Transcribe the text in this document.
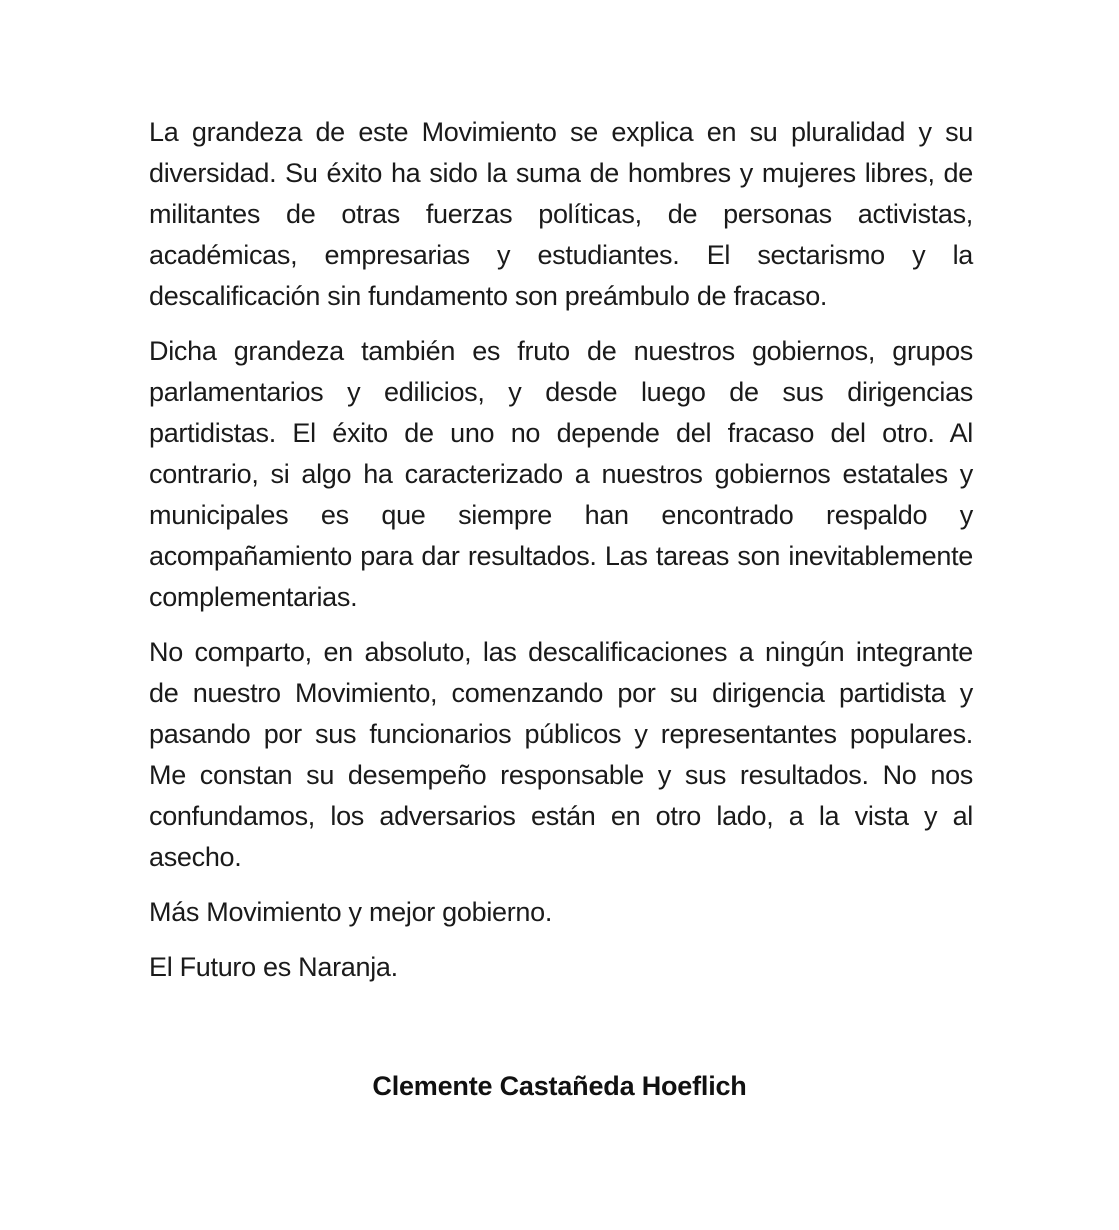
La grandeza de este Movimiento se explica en su pluralidad y su diversidad. Su éxito ha sido la suma de hombres y mujeres libres, de militantes de otras fuerzas políticas, de personas activistas, académicas, empresarias y estudiantes. El sectarismo y la descalificación sin fundamento son preámbulo de fracaso.

Dicha grandeza también es fruto de nuestros gobiernos, grupos parlamentarios y edilicios, y desde luego de sus dirigencias partidistas. El éxito de uno no depende del fracaso del otro. Al contrario, si algo ha caracterizado a nuestros gobiernos estatales y municipales es que siempre han encontrado respaldo y acompañamiento para dar resultados. Las tareas son inevitablemente complementarias.

No comparto, en absoluto, las descalificaciones a ningún integrante de nuestro Movimiento, comenzando por su dirigencia partidista y pasando por sus funcionarios públicos y representantes populares. Me constan su desempeño responsable y sus resultados. No nos confundamos, los adversarios están en otro lado, a la vista y al asecho.

Más Movimiento y mejor gobierno.

El Futuro es Naranja.

Clemente Castañeda Hoeflich
